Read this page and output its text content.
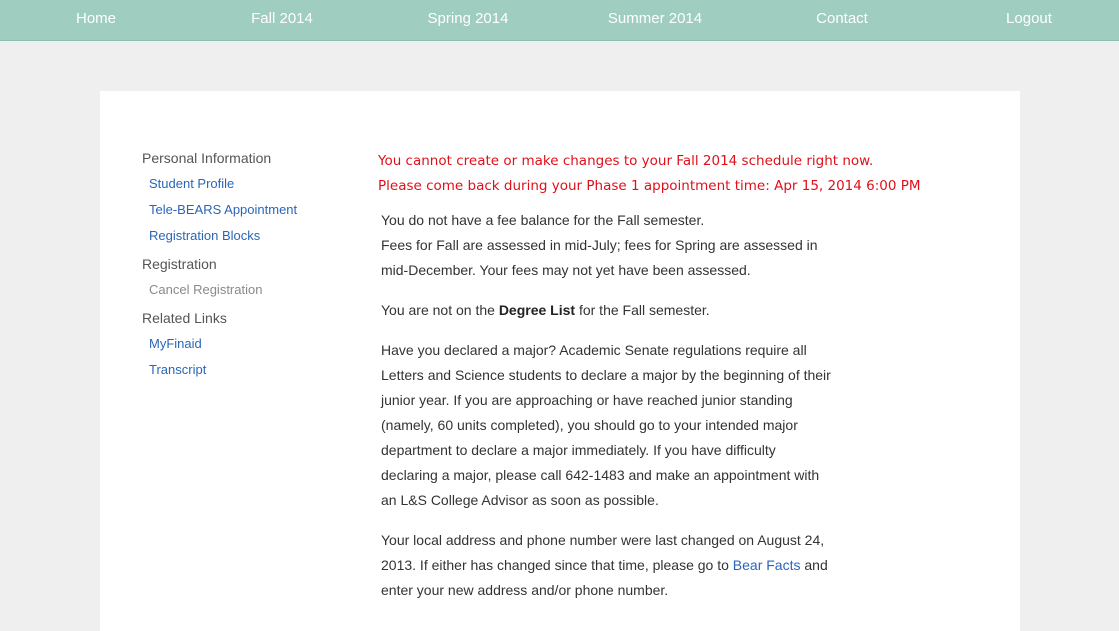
Home	Fall 2014	Spring 2014	Summer 2014	Contact	Logout
Personal Information
Student Profile
Tele-BEARS Appointment
Registration Blocks
Registration
Cancel Registration
Related Links
MyFinaid
Transcript
You cannot create or make changes to your Fall 2014 schedule right now.
Please come back during your Phase 1 appointment time: Apr 15, 2014 6:00 PM
You do not have a fee balance for the Fall semester.
Fees for Fall are assessed in mid-July; fees for Spring are assessed in mid-December. Your fees may not yet have been assessed.
You are not on the Degree List for the Fall semester.
Have you declared a major? Academic Senate regulations require all Letters and Science students to declare a major by the beginning of their junior year. If you are approaching or have reached junior standing (namely, 60 units completed), you should go to your intended major department to declare a major immediately. If you have difficulty declaring a major, please call 642-1483 and make an appointment with an L&S College Advisor as soon as possible.
Your local address and phone number were last changed on August 24, 2013. If either has changed since that time, please go to Bear Facts and enter your new address and/or phone number.
